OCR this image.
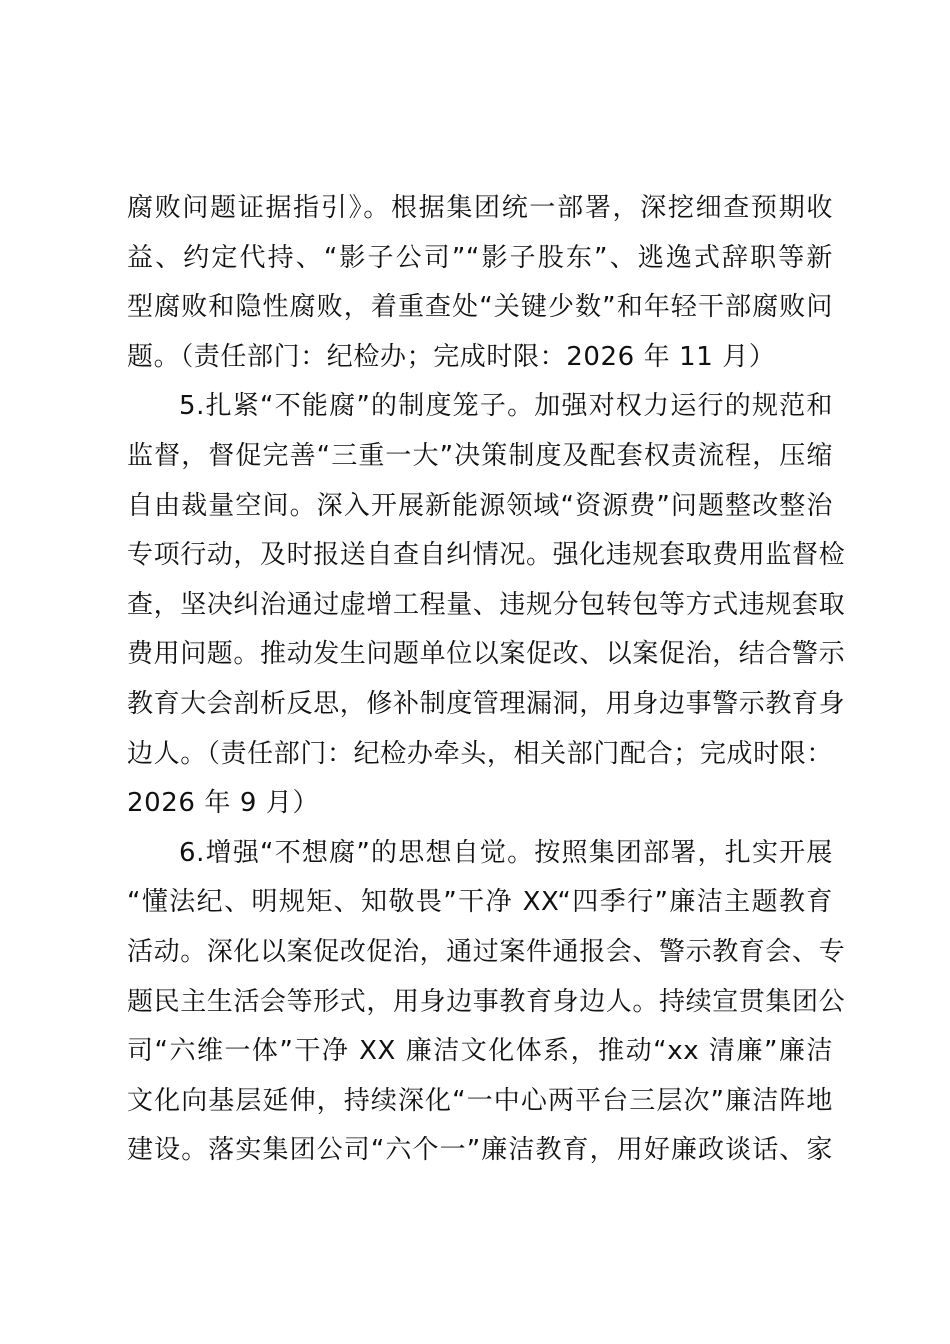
腐败问题证据指引》。根据集团统一部署，深挖细查预期收
益、约定代持、“影子公司”“影子股东”、逃逸式辞职等新
型腐败和隐性腐败，着重查处“关键少数”和年轻干部腐败问
题。（责任部门：纪检办；完成时限：2026 年 11 月）
5.扎紧“不能腐”的制度笼子。加强对权力运行的规范和
监督，督促完善“三重一大”决策制度及配套权责流程，压缩
自由裁量空间。深入开展新能源领域“资源费”问题整改整治
专项行动，及时报送自查自纠情况。强化违规套取费用监督检
查，坚决纠治通过虚增工程量、违规分包转包等方式违规套取
费用问题。推动发生问题单位以案促改、以案促治，结合警示
教育大会剖析反思，修补制度管理漏洞，用身边事警示教育身
边人。（责任部门：纪检办牵头，相关部门配合；完成时限：
2026 年 9 月）
6.增强“不想腐”的思想自觉。按照集团部署，扎实开展
“懂法纪、明规矩、知敬畏”干净 XX“四季行”廉洁主题教育
活动。深化以案促改促治，通过案件通报会、警示教育会、专
题民主生活会等形式，用身边事教育身边人。持续宣贯集团公
司“六维一体”干净 XX 廉洁文化体系，推动“xx 清廉”廉洁
文化向基层延伸，持续深化“一中心两平台三层次”廉洁阵地
建设。落实集团公司“六个一”廉洁教育，用好廉政谈话、家
